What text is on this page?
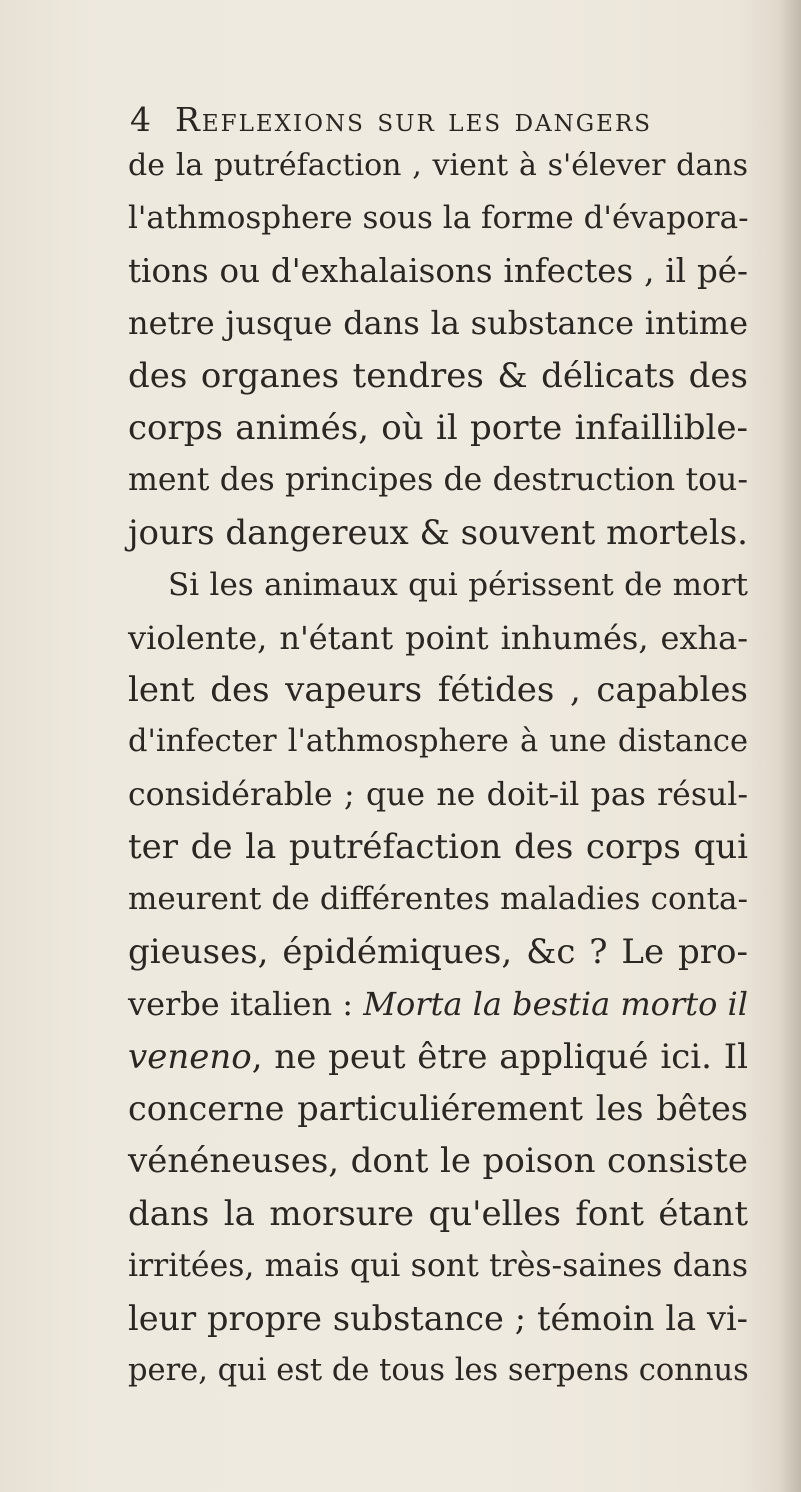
4 Reflexions sur les dangers
de la putréfaction , vient à s'élever dans
l'athmosphere sous la forme d'évapora-
tions ou d'exhalaisons infectes , il pé-
netre jusque dans la substance intime
des organes tendres & délicats des
corps animés, où il porte infaillible-
ment des principes de destruction tou-
jours dangereux & souvent mortels.
Si les animaux qui périssent de mort
violente, n'étant point inhumés, exha-
lent des vapeurs fétides , capables
d'infecter l'athmosphere à une distance
considérable ; que ne doit-il pas résul-
ter de la putréfaction des corps qui
meurent de différentes maladies conta-
gieuses, épidémiques, &c ? Le pro-
verbe italien : Morta la bestia morto il
veneno, ne peut être appliqué ici. Il
concerne particuliérement les bêtes
vénéneuses, dont le poison consiste
dans la morsure qu'elles font étant
irritées, mais qui sont très-saines dans
leur propre substance ; témoin la vi-
pere, qui est de tous les serpens connus
